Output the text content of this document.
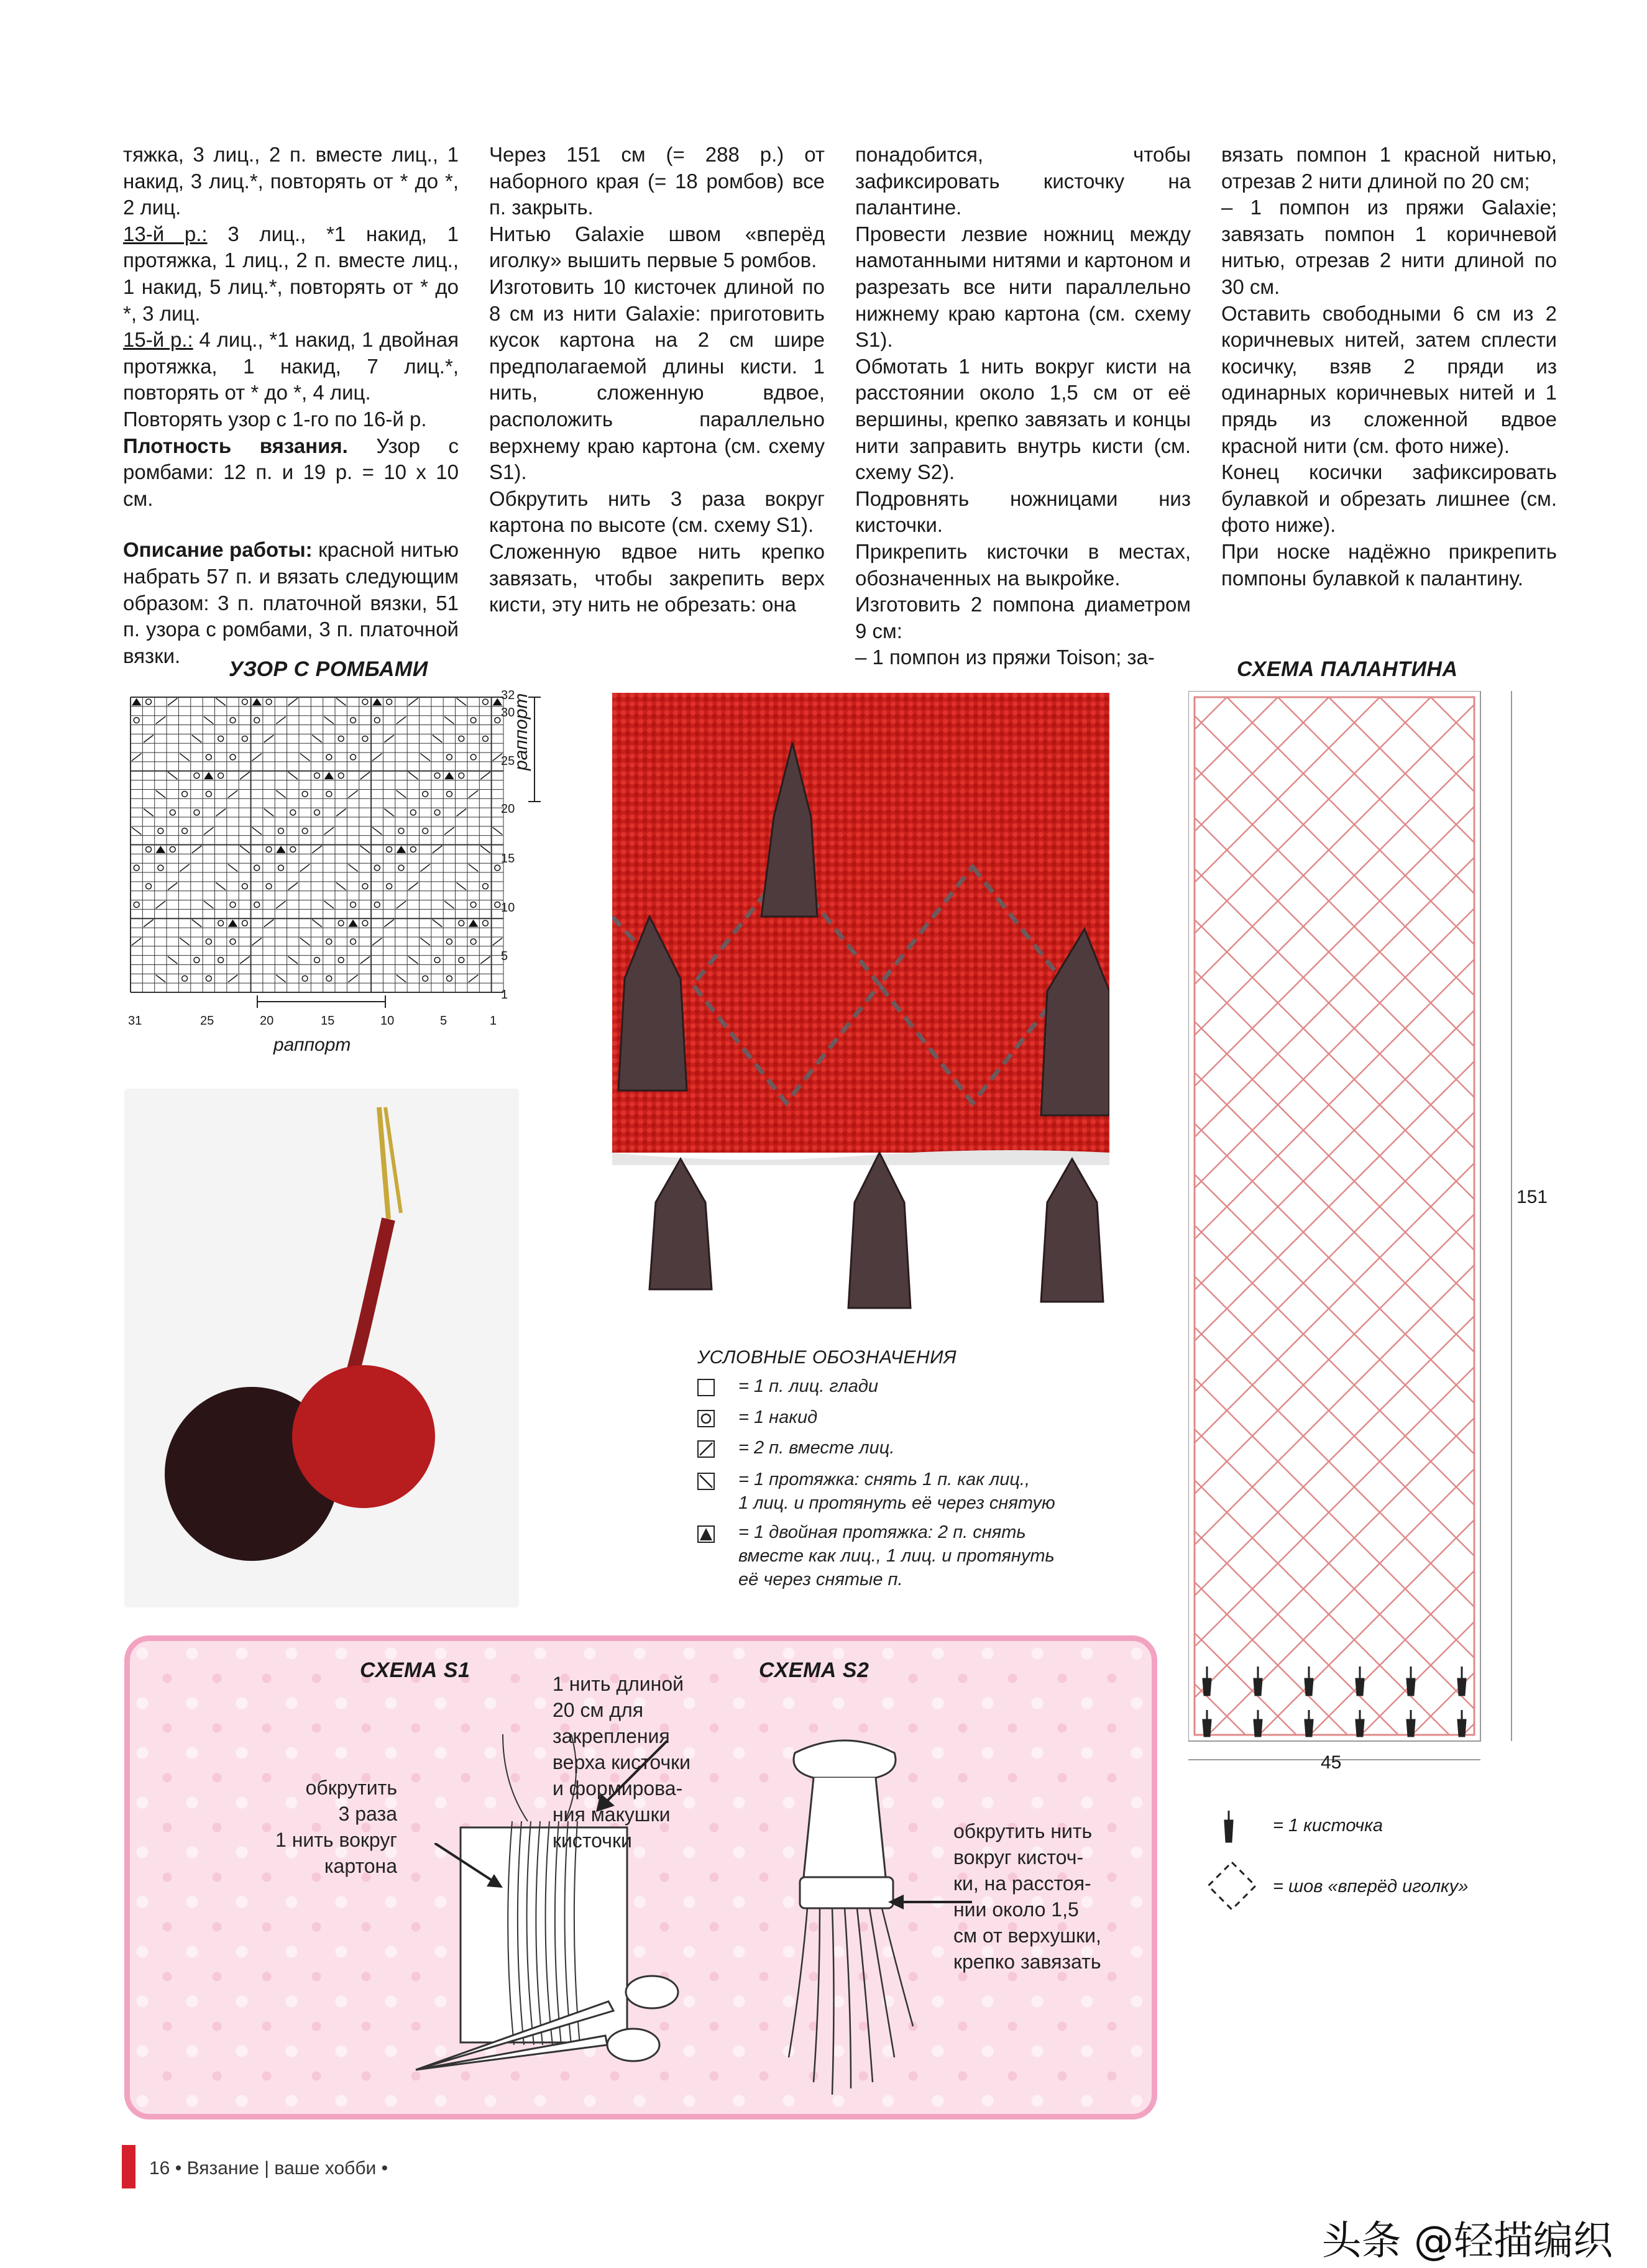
тяжка, 3 лиц., 2 п. вместе лиц., 1 накид, 3 лиц.*, повторять от * до *, 2 лиц.

13-й р.: 3 лиц., *1 накид, 1 протяжка, 1 лиц., 2 п. вместе лиц., 1 накид, 5 лиц.*, повторять от * до *, 3 лиц.

15-й р.: 4 лиц., *1 накид, 1 двойная протяжка, 1 накид, 7 лиц.*, повторять от * до *, 4 лиц.

Повторять узор с 1-го по 16-й р.

Плотность вязания. Узор с ромбами: 12 п. и 19 р. = 10 х 10 см.

Описание работы: красной нитью набрать 57 п. и вязать следующим образом: 3 п. платочной вязки, 51 п. узора с ромбами, 3 п. платочной вязки.

Через 151 см (= 288 р.) от наборного края (= 18 ромбов) все п. закрыть.

Нитью Galaxie швом «вперёд иголку» вышить первые 5 ромбов.

Изготовить 10 кисточек длиной по 8 см из нити Galaxie: приготовить кусок картона на 2 см шире предполагаемой длины кисти. 1 нить, сложенную вдвое, расположить параллельно верхнему краю картона (см. схему S1).

Обкрутить нить 3 раза вокруг картона по высоте (см. схему S1).

Сложенную вдвое нить крепко завязать, чтобы закрепить верх кисти, эту нить не обрезать: она

понадобится, чтобы зафиксировать кисточку на палантине.

Провести лезвие ножниц между намотанными нитями и картоном и разрезать все нити параллельно нижнему краю картона (см. схему S1).

Обмотать 1 нить вокруг кисти на расстоянии около 1,5 см от её вершины, крепко завязать и концы нити заправить внутрь кисти (см. схему S2).

Подровнять ножницами низ кисточки.

Прикрепить кисточки в местах, обозначенных на выкройке.

Изготовить 2 помпона диаметром 9 см:

– 1 помпон из пряжи Toison; за-

вязать помпон 1 красной нитью, отрезав 2 нити длиной по 20 см;

– 1 помпон из пряжи Galaxie; завязать помпон 1 коричневой нитью, отрезав 2 нити длиной по 30 см.

Оставить свободными 6 см из 2 коричневых нитей, затем сплести косичку, взяв 2 пряди из одинарных коричневых нитей и 1 прядь из сложенной вдвое красной нити (см. фото ниже).

Конец косички зафиксировать булавкой и обрезать лишнее (см. фото ниже).

При носке надёжно прикрепить помпоны булавкой к палантину.

УЗОР С РОМБАМИ
раппорт
раппорт
32
30
25
20
15
10
5
1
31	25	20	15	10	5	1
УСЛОВНЫЕ ОБОЗНАЧЕНИЯ
= 1 п. лиц. глади
= 1 накид
= 2 п. вместе лиц.
= 1 протяжка: снять 1 п. как лиц.,
1 лиц. и протянуть её через снятую
= 1 двойная протяжка: 2 п. снять
вместе как лиц., 1 лиц. и протянуть
её через снятые п.
СХЕМА ПАЛАНТИНА
151
45
= 1 кисточка
= шов «вперёд иголку»
СХЕМА S1	СХЕМА S2
обкрутить
3 раза
1 нить вокруг
картона
1 нить длиной
20 см для
закрепления
верха кисточки
и формирова-
ния макушки
кисточки	обкрутить нить
вокруг кисточ-
ки, на расстоя-
нии около 1,5
см от верхушки,
крепко завязать
16 • Вязание | ваше хобби •
头条 @轻描编织
